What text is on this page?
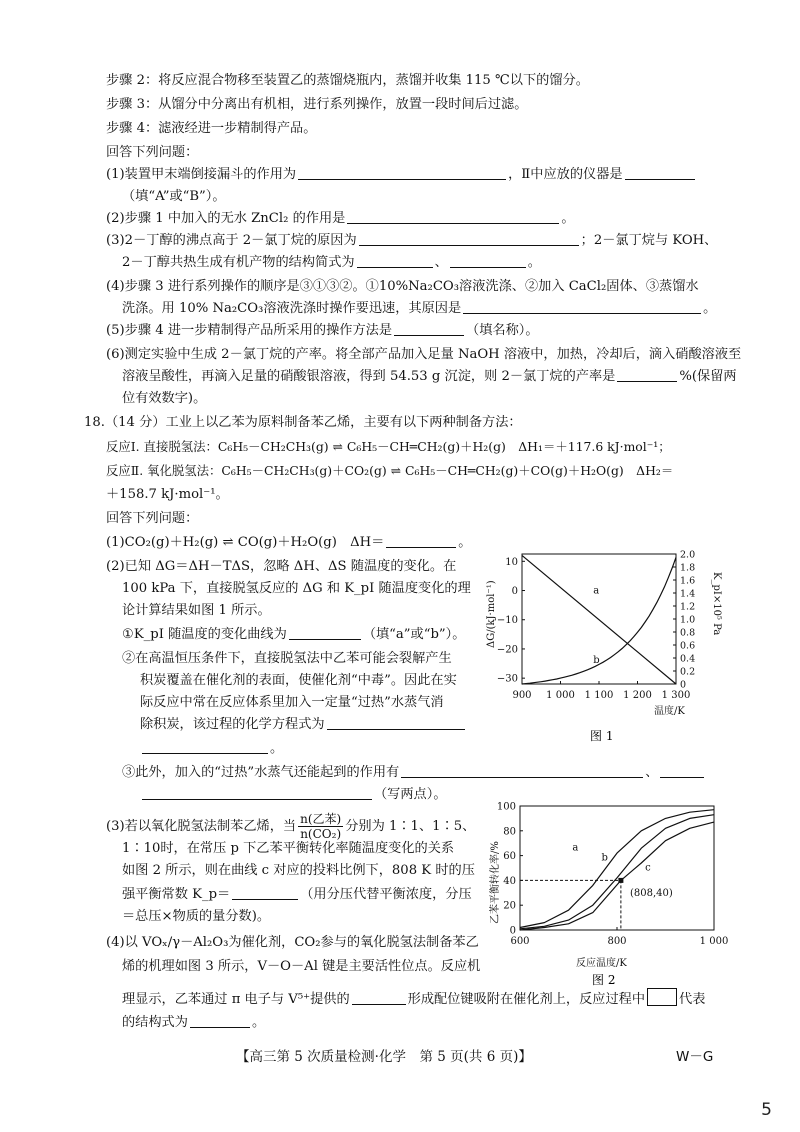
步骤 2：将反应混合物移至装置乙的蒸馏烧瓶内，蒸馏并收集 115 ℃以下的馏分。
步骤 3：从馏分中分离出有机相，进行系列操作，放置一段时间后过滤。
步骤 4：滤液经进一步精制得产品。
回答下列问题：
(1)装置甲末端倒接漏斗的作用为	，Ⅱ中应放的仪器是
（填“A”或“B”）。
(2)步骤 1 中加入的无水 ZnCl₂ 的作用是	。
(3)2－丁醇的沸点高于 2－氯丁烷的原因为	；2－氯丁烷与 KOH、
2－丁醇共热生成有机产物的结构简式为	、	。
(4)步骤 3 进行系列操作的顺序是③①③②。①10%Na₂CO₃溶液洗涤、②加入 CaCl₂固体、③蒸馏水
洗涤。用 10% Na₂CO₃溶液洗涤时操作要迅速，其原因是	。
(5)步骤 4 进一步精制得产品所采用的操作方法是	（填名称）。
(6)测定实验中生成 2－氯丁烷的产率。将全部产品加入足量 NaOH 溶液中，加热，冷却后，滴入硝酸溶液至
溶液呈酸性，再滴入足量的硝酸银溶液，得到 54.53 g 沉淀，则 2－氯丁烷的产率是	%(保留两
位有效数字)。
18.（14 分）工业上以乙苯为原料制备苯乙烯，主要有以下两种制备方法：
反应Ⅰ. 直接脱氢法：C₆H₅－CH₂CH₃(g) ⇌ C₆H₅－CH═CH₂(g)＋H₂(g)　ΔH₁＝＋117.6 kJ·mol⁻¹；
反应Ⅱ. 氧化脱氢法：C₆H₅－CH₂CH₃(g)＋CO₂(g) ⇌ C₆H₅－CH═CH₂(g)＋CO(g)＋H₂O(g)　ΔH₂＝
＋158.7 kJ·mol⁻¹。
回答下列问题：
(1)CO₂(g)＋H₂(g) ⇌ CO(g)＋H₂O(g)　ΔH＝	。
(2)已知 ΔG＝ΔH－TΔS，忽略 ΔH、ΔS 随温度的变化。在
100 kPa 下，直接脱氢反应的 ΔG 和 K_pⅠ 随温度变化的理
论计算结果如图 1 所示。
①K_pⅠ 随温度的变化曲线为	（填“a”或“b”）。
②在高温恒压条件下，直接脱氢法中乙苯可能会裂解产生
积炭覆盖在催化剂的表面，使催化剂“中毒”。因此在实
际反应中常在反应体系里加入一定量“过热”水蒸气消
除积炭，该过程的化学方程式为
。
③此外，加入的“过热”水蒸气还能起到的作用有	、
（写两点）。
(3)若以氧化脱氢法制苯乙烯，当 $\frac{\text{n(乙苯)}}{\text{n(CO₂)}}$ 分别为 1∶1、1∶5、
1∶10时，在常压 p 下乙苯平衡转化率随温度变化的关系
如图 2 所示，则在曲线 c 对应的投料比例下，808 K 时的压
强平衡常数 K_p＝	（用分压代替平衡浓度，分压
＝总压×物质的量分数)。
(4)以 VOₓ/γ－Al₂O₃为催化剂，CO₂参与的氧化脱氢法制备苯乙
烯的机理如图 3 所示，V－O－Al 键是主要活性位点。反应机
理显示，乙苯通过 π 电子与 V⁵⁺提供的	形成配位键吸附在催化剂上，反应过程中	代表
的结构式为	。
900 1 000 1 100 1 200 1 300
10
0
−10
−20
−30
2.0
1.8
1.6
1.4
1.2
1.0
0.8
0.6
0.4
0.2
0
a
b
ΔG/(kJ·mol⁻¹)	K_pⅠ×10⁵ Pa
温度/K
图 1
600	800	1 000
0
20
40
60
80
100
a
b
c
乙苯平衡转化率/%
反应温度/K
图 2
(808,40)
【高三第 5 次质量检测·化学　第 5 页(共 6 页)】	W－G
5
